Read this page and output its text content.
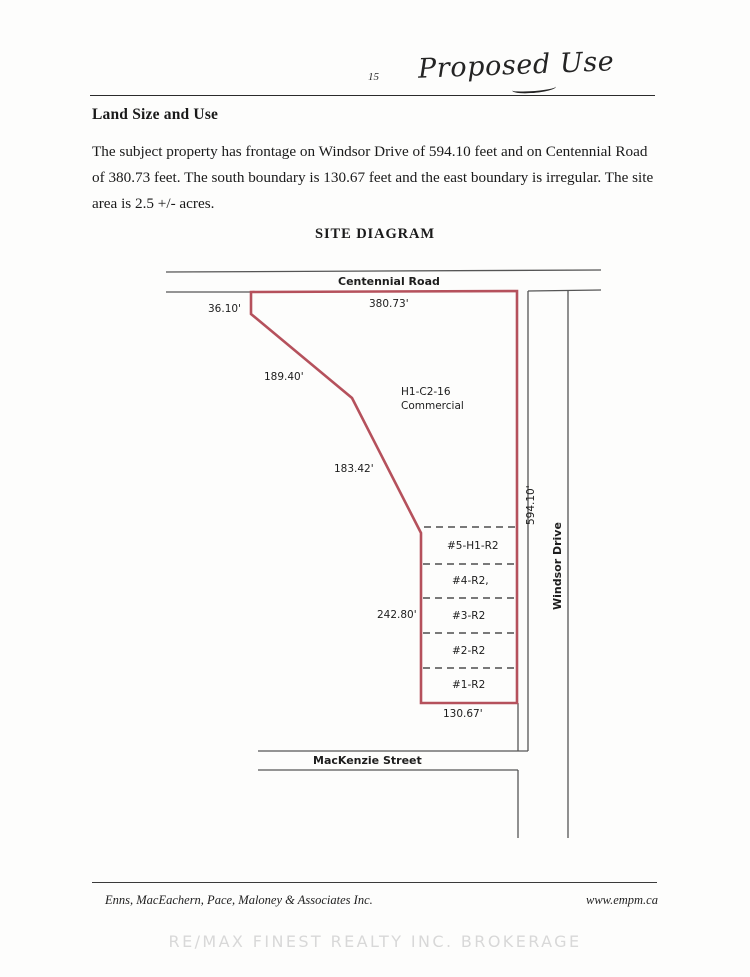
15 Proposed Use
Land Size and Use
The subject property has frontage on Windsor Drive of 594.10 feet and on Centennial Road of 380.73 feet. The south boundary is 130.67 feet and the east boundary is irregular. The site area is 2.5 +/- acres.
SITE DIAGRAM
Centennial Road
Windsor Drive
MacKenzie Street
36.10'	380.73'
189.40'
183.42'
242.80'
594.10'
130.67'
H1-C2-16
Commercial
#5-H1-R2
#4-R2,
#3-R2
#2-R2
#1-R2
Enns, MacEachern, Pace, Maloney & Associates Inc.	www.empm.ca
RE/MAX FINEST REALTY INC. BROKERAGE
